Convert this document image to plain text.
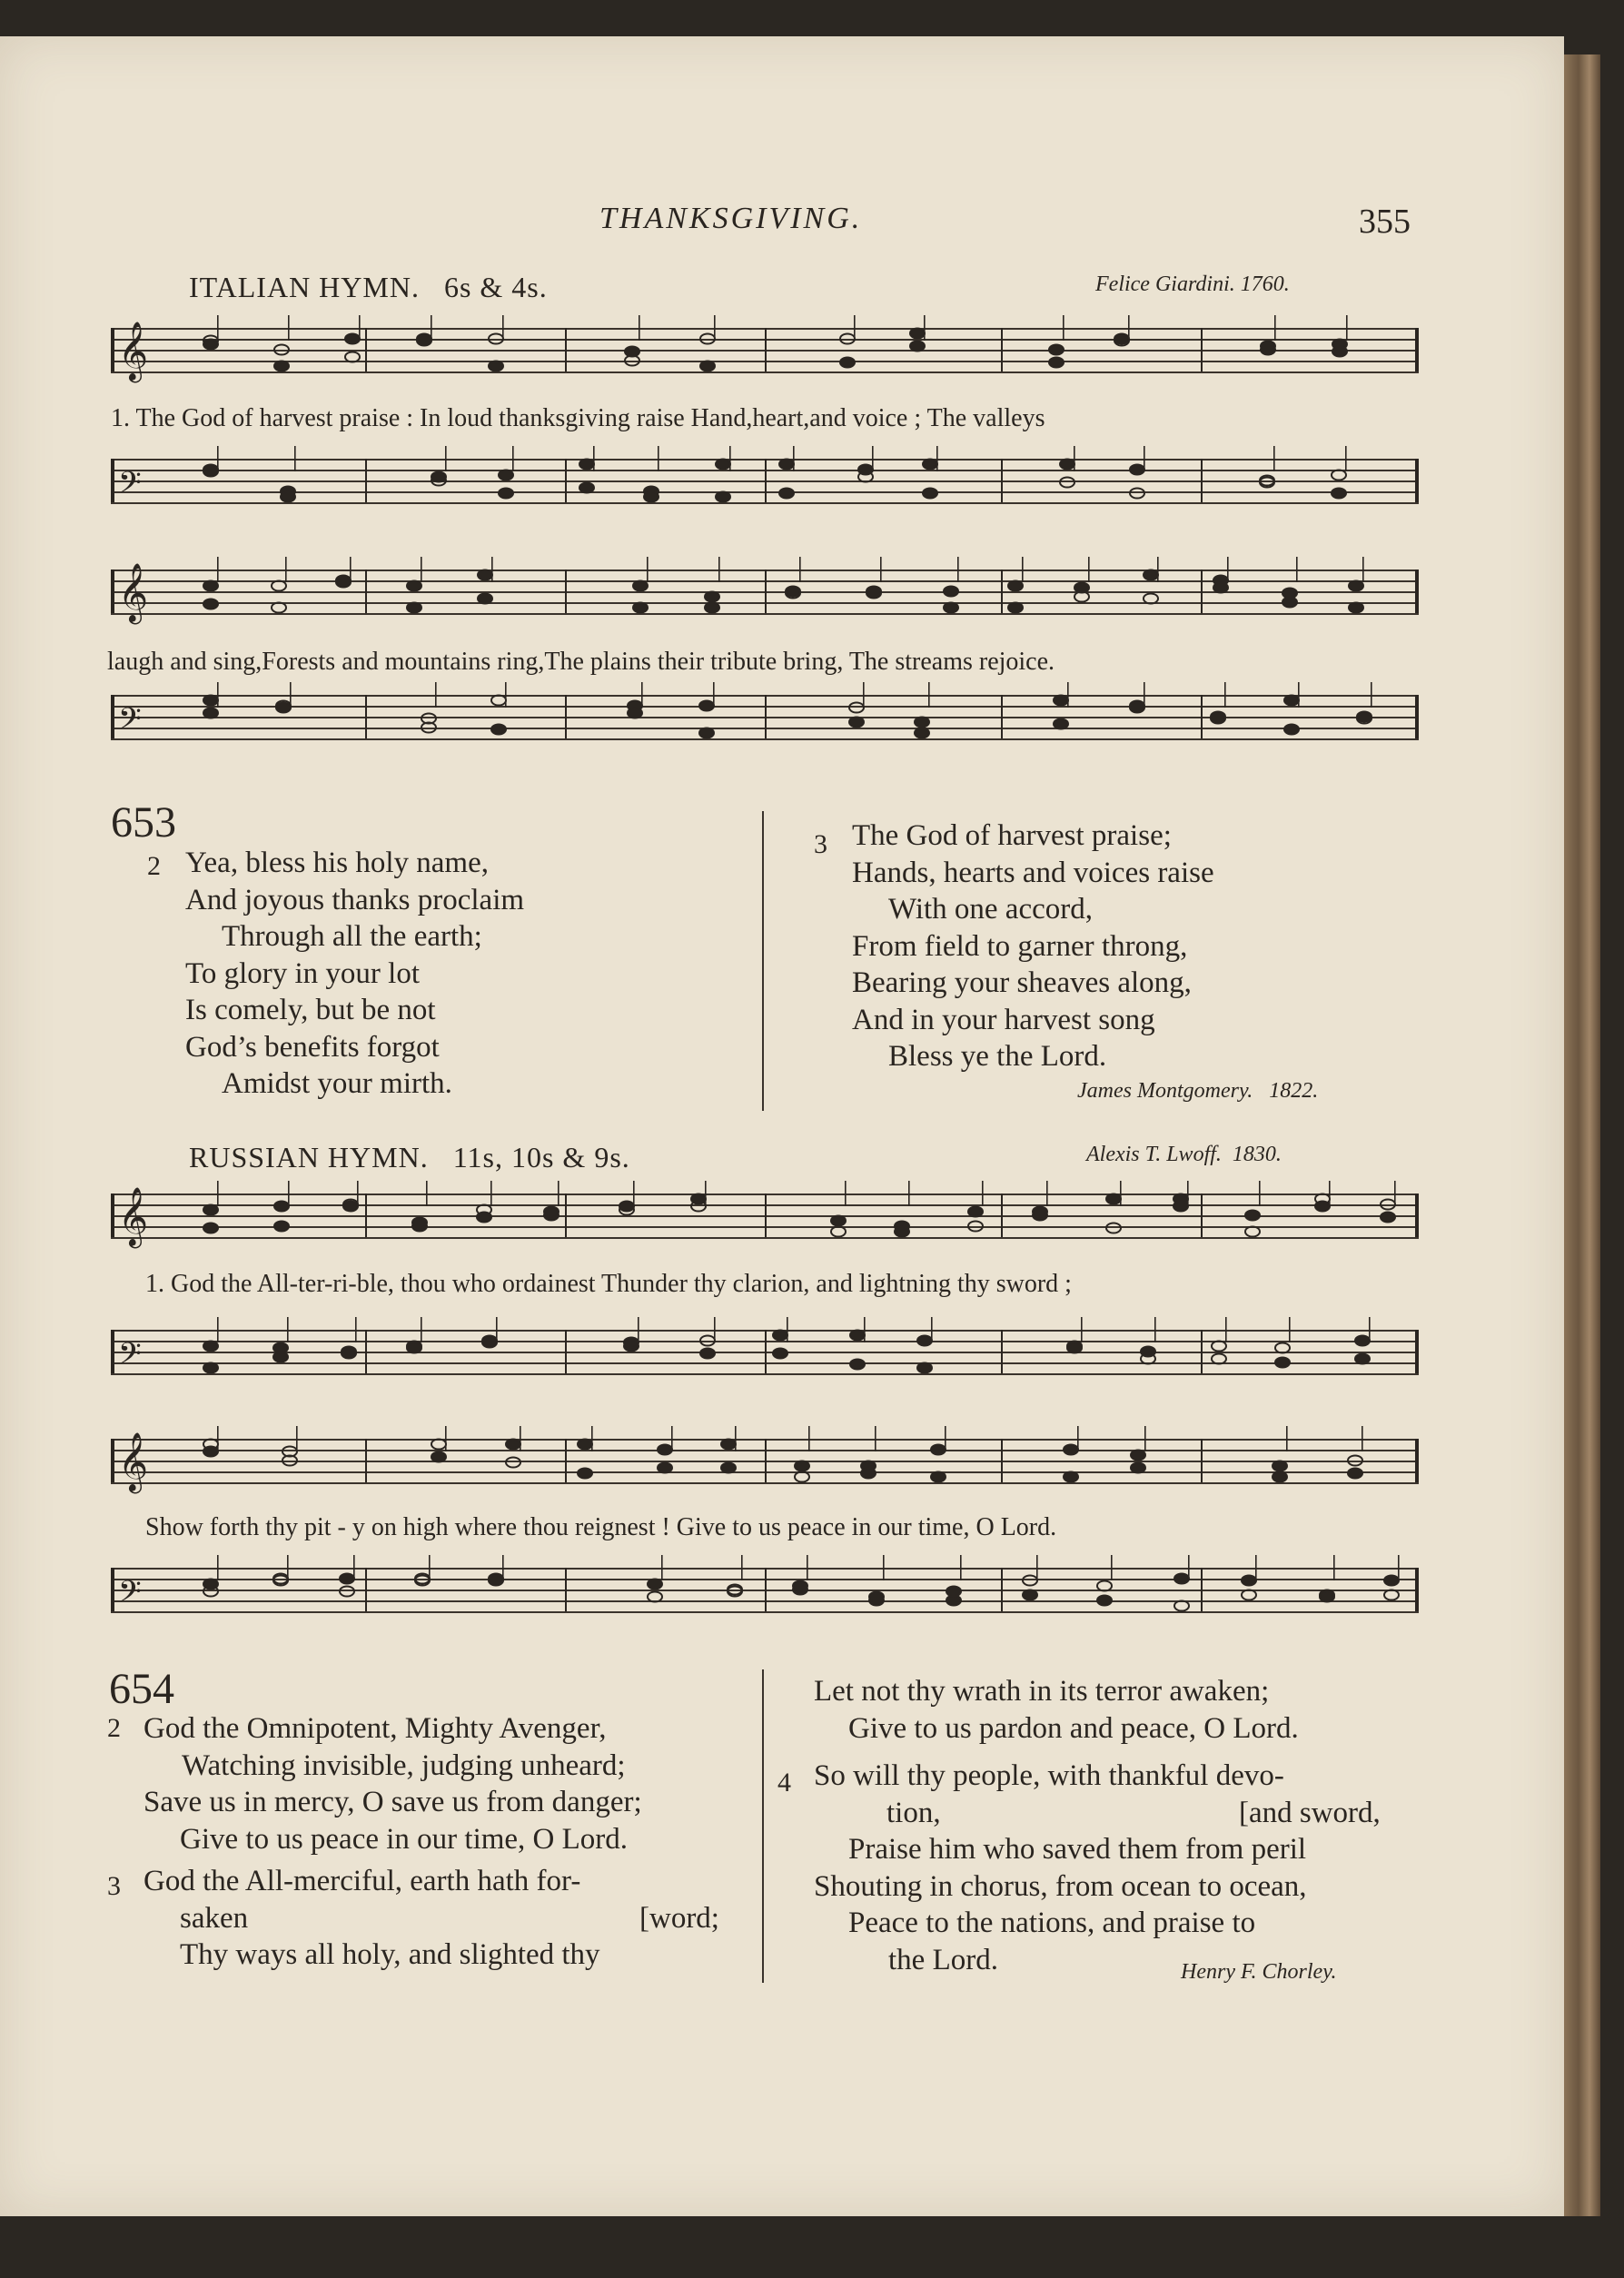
THANKSGIVING.	355
ITALIAN HYMN. 6s & 4s.	Felice Giardini. 1760.
𝄞
1. The God of harvest praise : In loud thanksgiving raise Hand,heart,and voice ; The valleys
𝄢
𝄞
laugh and sing,Forests and mountains ring,The plains their tribute bring, The streams rejoice.
𝄢
653
2 Yea, bless his holy name,
And joyous thanks proclaim
Through all the earth;
To glory in your lot
Is comely, but be not
God’s benefits forgot
Amidst your mirth.
3 The God of harvest praise;
Hands, hearts and voices raise
With one accord,
From field to garner throng,
Bearing your sheaves along,
And in your harvest song
Bless ye the Lord.
James Montgomery. 1822.
RUSSIAN HYMN. 11s, 10s & 9s.	Alexis T. Lwoff. 1830.
𝄞
1. God the All-ter-ri-ble, thou who ordainest Thunder thy clarion, and lightning thy sword ;
𝄢
𝄞
Show forth thy pit - y on high where thou reignest ! Give to us peace in our time, O Lord.
𝄢
654
2 God the Omnipotent, Mighty Avenger,
Watching invisible, judging unheard;
Save us in mercy, O save us from danger;
Give to us peace in our time, O Lord.
3 God the All-merciful, earth hath for-
saken	[word;
Thy ways all holy, and slighted thy
Let not thy wrath in its terror awaken;
Give to us pardon and peace, O Lord.
4 So will thy people, with thankful devo-
tion,	[and sword,
Praise him who saved them from peril
Shouting in chorus, from ocean to ocean,
Peace to the nations, and praise to
the Lord.	Henry F. Chorley.
